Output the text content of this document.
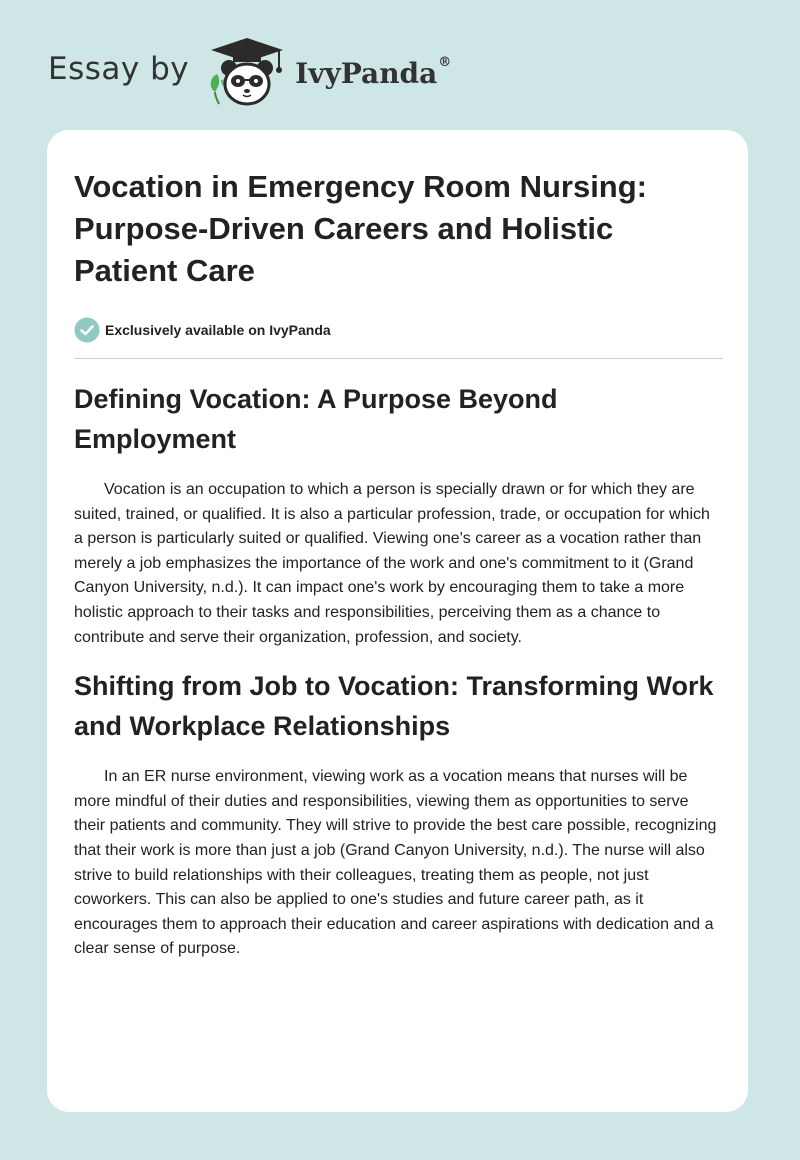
Essay by	IvyPanda®
Vocation in Emergency Room Nursing: Purpose-Driven Careers and Holistic Patient Care
Exclusively available on IvyPanda
Defining Vocation: A Purpose Beyond Employment

Vocation is an occupation to which a person is specially drawn or for which they are suited, trained, or qualified. It is also a particular profession, trade, or occupation for which a person is particularly suited or qualified. Viewing one's career as a vocation rather than merely a job emphasizes the importance of the work and one's commitment to it (Grand Canyon University, n.d.). It can impact one's work by encouraging them to take a more holistic approach to their tasks and responsibilities, perceiving them as a chance to contribute and serve their organization, profession, and society.

Shifting from Job to Vocation: Transforming Work and Workplace Relationships

In an ER nurse environment, viewing work as a vocation means that nurses will be more mindful of their duties and responsibilities, viewing them as opportunities to serve their patients and community. They will strive to provide the best care possible, recognizing that their work is more than just a job (Grand Canyon University, n.d.). The nurse will also strive to build relationships with their colleagues, treating them as people, not just coworkers. This can also be applied to one's studies and future career path, as it encourages them to approach their education and career aspirations with dedication and a clear sense of purpose.
